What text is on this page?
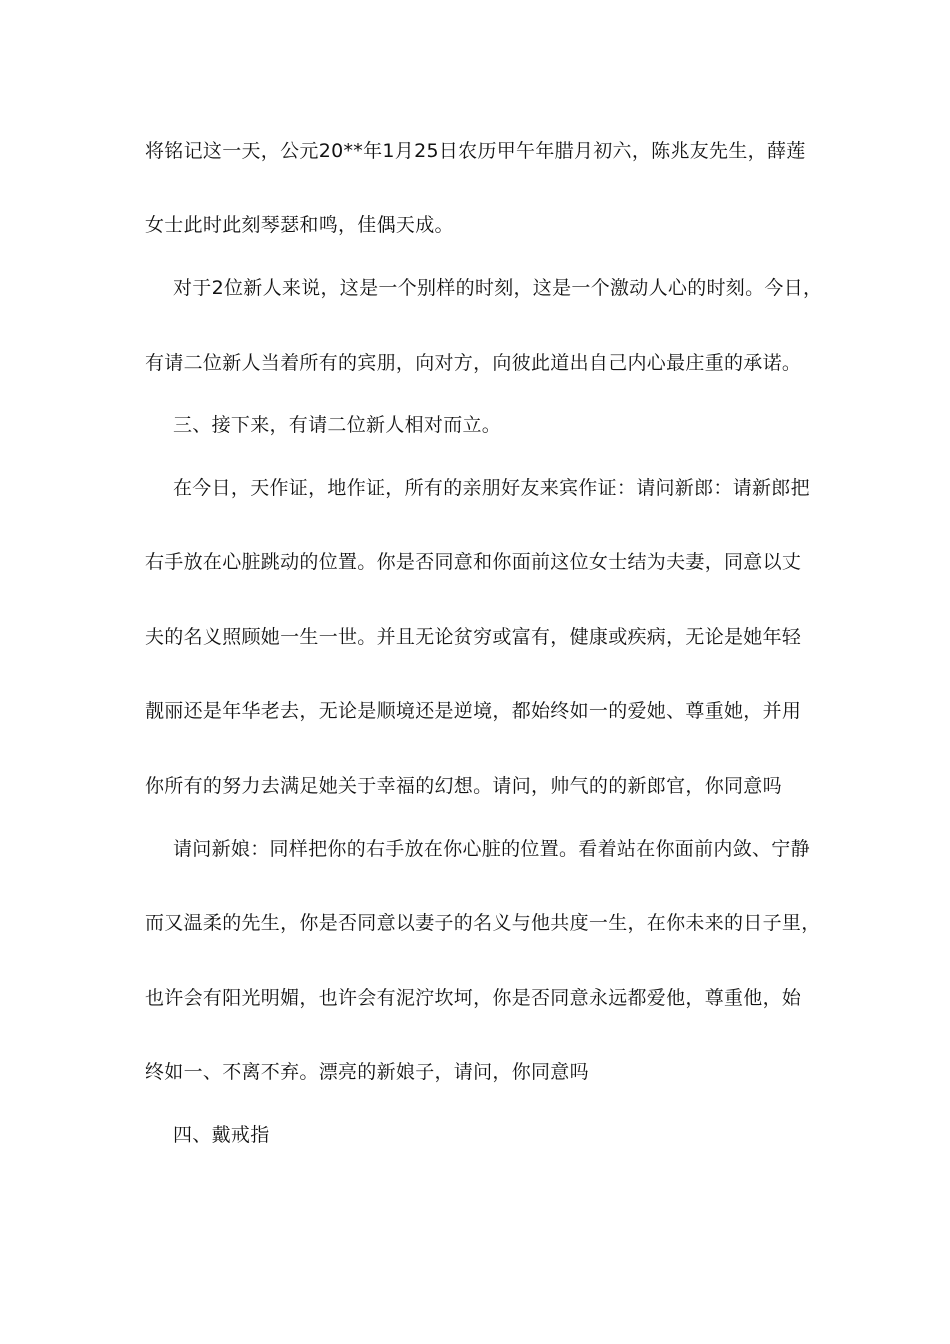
将铭记这一天，公元20**年1月25日农历甲午年腊月初六，陈兆友先生，薛莲
女士此时此刻琴瑟和鸣，佳偶天成。
对于2位新人来说，这是一个别样的时刻，这是一个激动人心的时刻。今日，
有请二位新人当着所有的宾朋，向对方，向彼此道出自己内心最庄重的承诺。
三、接下来，有请二位新人相对而立。
在今日，天作证，地作证，所有的亲朋好友来宾作证：请问新郎：请新郎把
右手放在心脏跳动的位置。你是否同意和你面前这位女士结为夫妻，同意以丈
夫的名义照顾她一生一世。并且无论贫穷或富有，健康或疾病，无论是她年轻
靓丽还是年华老去，无论是顺境还是逆境，都始终如一的爱她、尊重她，并用
你所有的努力去满足她关于幸福的幻想。请问，帅气的的新郎官，你同意吗
请问新娘：同样把你的右手放在你心脏的位置。看着站在你面前内敛、宁静
而又温柔的先生，你是否同意以妻子的名义与他共度一生，在你未来的日子里，
也许会有阳光明媚，也许会有泥泞坎坷，你是否同意永远都爱他，尊重他，始
终如一、不离不弃。漂亮的新娘子，请问，你同意吗
四、戴戒指
